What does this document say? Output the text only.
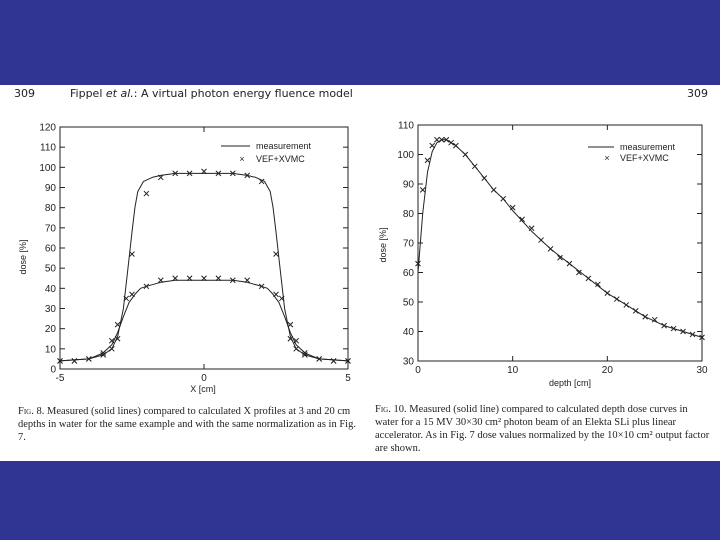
309	Fippel et al.: A virtual photon energy fluence model	309
-5	0	5
0
10
20
30
40
50
60
70
80
90
100
110
120
measurement
× VEF+XVMC
X [cm]
dose [%]
0	10	20	30
30
40
50
60
70
80
90
100
110
measurement
× VEF+XVMC
depth [cm]
dose [%]
Fig. 8. Measured (solid lines) compared to calculated X profiles at 3 and 20 cm depths in water for the same example and with the same normalization as in Fig. 7.
Fig. 10. Measured (solid line) compared to calculated depth dose curves in water for a 15 MV 30×30 cm² photon beam of an Elekta SLi plus linear accelerator. As in Fig. 7 dose values normalized by the 10×10 cm² output factor are shown.
